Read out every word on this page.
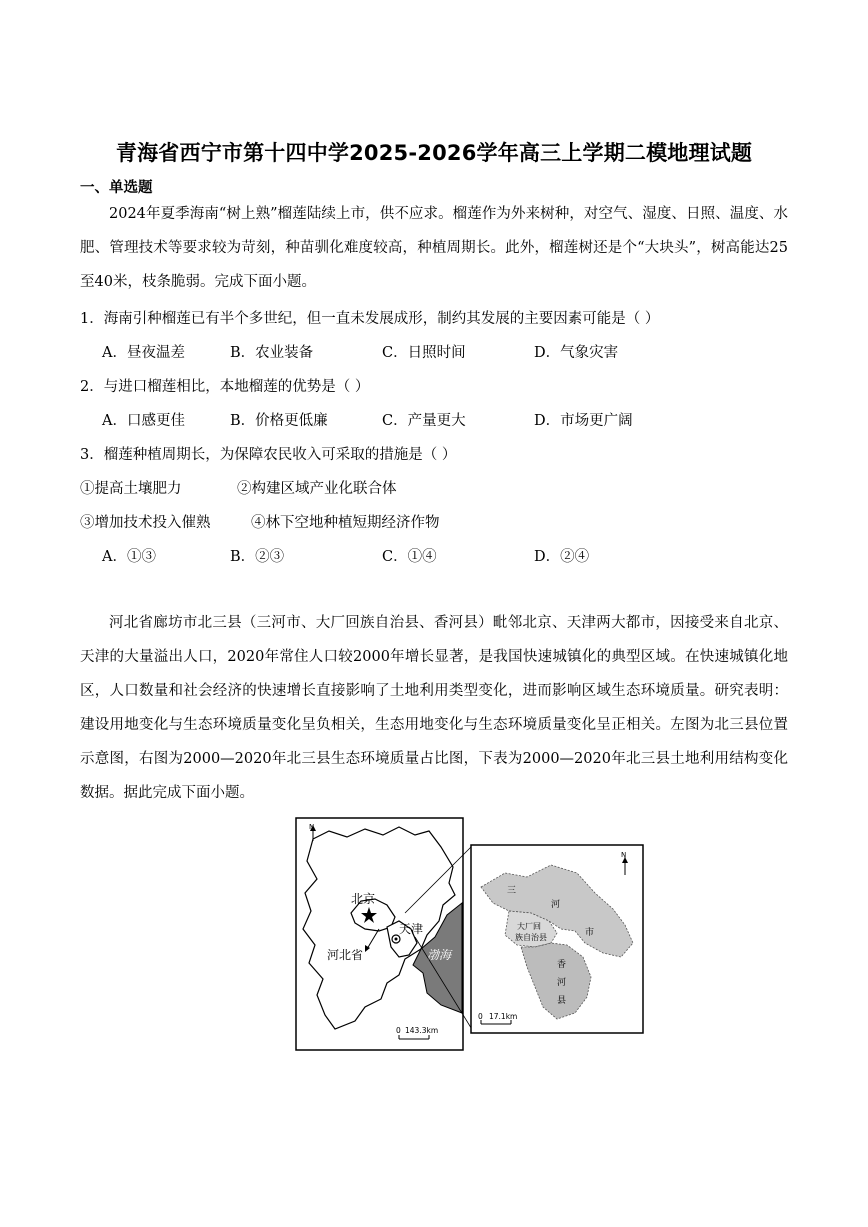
青海省西宁市第十四中学2025-2026学年高三上学期二模地理试题
一、单选题
2024年夏季海南“树上熟”榴莲陆续上市，供不应求。榴莲作为外来树种，对空气、湿度、日照、温度、水肥、管理技术等要求较为苛刻，种苗驯化难度较高，种植周期长。此外，榴莲树还是个“大块头”，树高能达25至40米，枝条脆弱。完成下面小题。
1．海南引种榴莲已有半个多世纪，但一直未发展成形，制约其发展的主要因素可能是（ ）
A．昼夜温差	B．农业装备	C．日照时间	D．气象灾害
2．与进口榴莲相比，本地榴莲的优势是（ ）
A．口感更佳	B．价格更低廉	C．产量更大	D．市场更广阔
3．榴莲种植周期长，为保障农民收入可采取的措施是（ ）
①提高土壤肥力	②构建区域产业化联合体
③增加技术投入催熟	④林下空地种植短期经济作物
A．①③	B．②③	C．①④	D．②④
河北省廊坊市北三县（三河市、大厂回族自治县、香河县）毗邻北京、天津两大都市，因接受来自北京、天津的大量溢出人口，2020年常住人口较2000年增长显著，是我国快速城镇化的典型区域。在快速城镇化地区，人口数量和社会经济的快速增长直接影响了土地利用类型变化，进而影响区域生态环境质量。研究表明：建设用地变化与生态环境质量变化呈负相关，生态用地变化与生态环境质量变化呈正相关。左图为北三县位置示意图，右图为2000—2020年北三县生态环境质量占比图，下表为2000—2020年北三县土地利用结构变化数据。据此完成下面小题。
N
北京
天津
河北省	渤海
0 143.3km
N
三
河
市
大厂回
族自治县
香
河
县
0 17.1km
